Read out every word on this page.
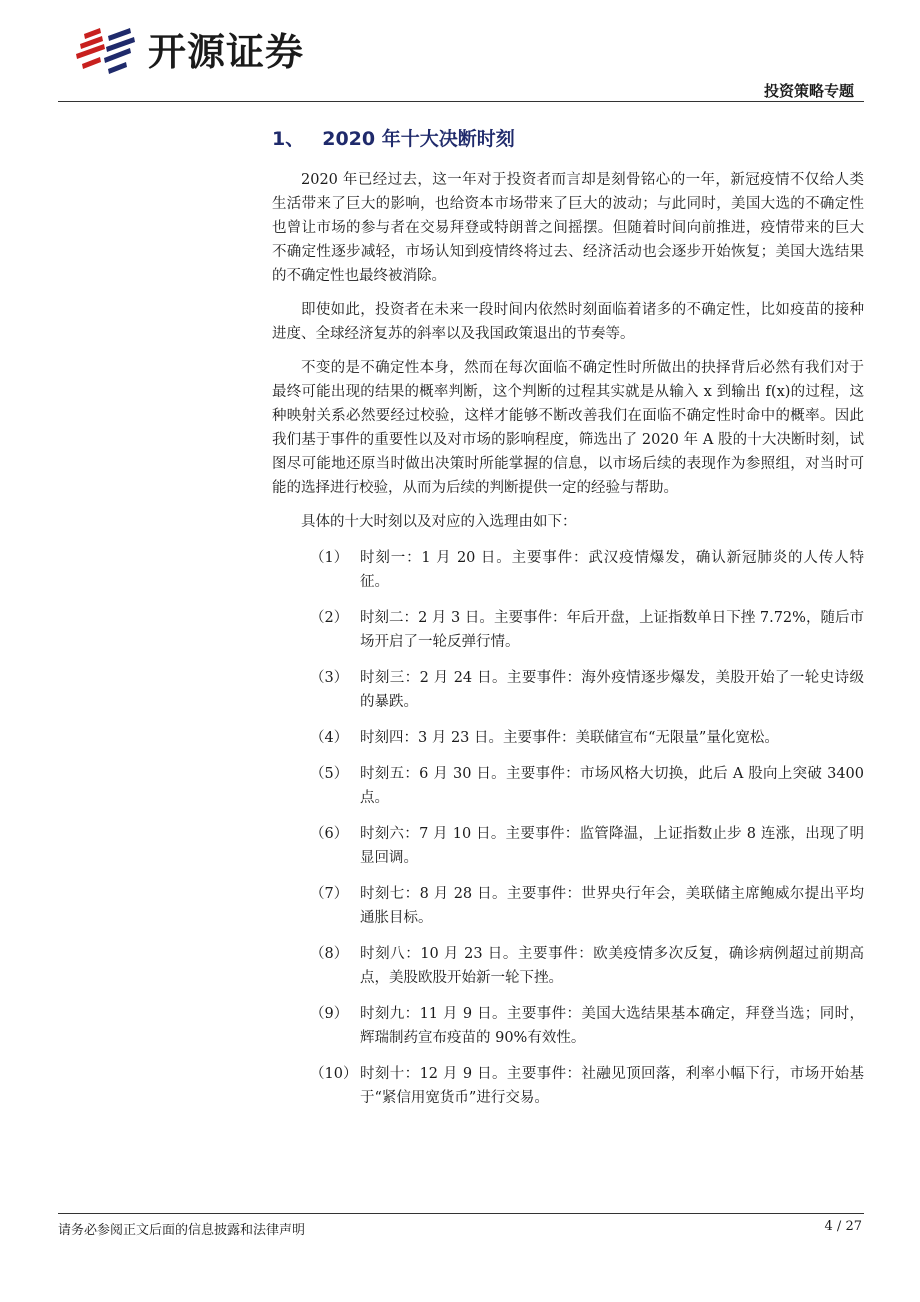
开源证券
投资策略专题
1、 2020 年十大决断时刻

2020 年已经过去，这一年对于投资者而言却是刻骨铭心的一年，新冠疫情不仅给人类生活带来了巨大的影响，也给资本市场带来了巨大的波动；与此同时，美国大选的不确定性也曾让市场的参与者在交易拜登或特朗普之间摇摆。但随着时间向前推进，疫情带来的巨大不确定性逐步减轻，市场认知到疫情终将过去、经济活动也会逐步开始恢复；美国大选结果的不确定性也最终被消除。

即使如此，投资者在未来一段时间内依然时刻面临着诸多的不确定性，比如疫苗的接种进度、全球经济复苏的斜率以及我国政策退出的节奏等。

不变的是不确定性本身，然而在每次面临不确定性时所做出的抉择背后必然有我们对于最终可能出现的结果的概率判断，这个判断的过程其实就是从输入 x 到输出 f(x)的过程，这种映射关系必然要经过校验，这样才能够不断改善我们在面临不确定性时命中的概率。因此我们基于事件的重要性以及对市场的影响程度，筛选出了 2020 年 A 股的十大决断时刻，试图尽可能地还原当时做出决策时所能掌握的信息，以市场后续的表现作为参照组，对当时可能的选择进行校验，从而为后续的判断提供一定的经验与帮助。

具体的十大时刻以及对应的入选理由如下：

（1） 时刻一：1 月 20 日。主要事件：武汉疫情爆发，确认新冠肺炎的人传人特征。
（2） 时刻二：2 月 3 日。主要事件：年后开盘，上证指数单日下挫 7.72%，随后市场开启了一轮反弹行情。
（3） 时刻三：2 月 24 日。主要事件：海外疫情逐步爆发，美股开始了一轮史诗级的暴跌。
（4） 时刻四：3 月 23 日。主要事件：美联储宣布“无限量”量化宽松。
（5） 时刻五：6 月 30 日。主要事件：市场风格大切换，此后 A 股向上突破 3400 点。
（6） 时刻六：7 月 10 日。主要事件：监管降温，上证指数止步 8 连涨，出现了明显回调。
（7） 时刻七：8 月 28 日。主要事件：世界央行年会，美联储主席鲍威尔提出平均通胀目标。
（8） 时刻八：10 月 23 日。主要事件：欧美疫情多次反复，确诊病例超过前期高点，美股欧股开始新一轮下挫。
（9） 时刻九：11 月 9 日。主要事件：美国大选结果基本确定，拜登当选；同时，辉瑞制药宣布疫苗的 90%有效性。
（10） 时刻十：12 月 9 日。主要事件：社融见顶回落，利率小幅下行，市场开始基于“紧信用宽货币”进行交易。
请务必参阅正文后面的信息披露和法律声明	4 / 27
